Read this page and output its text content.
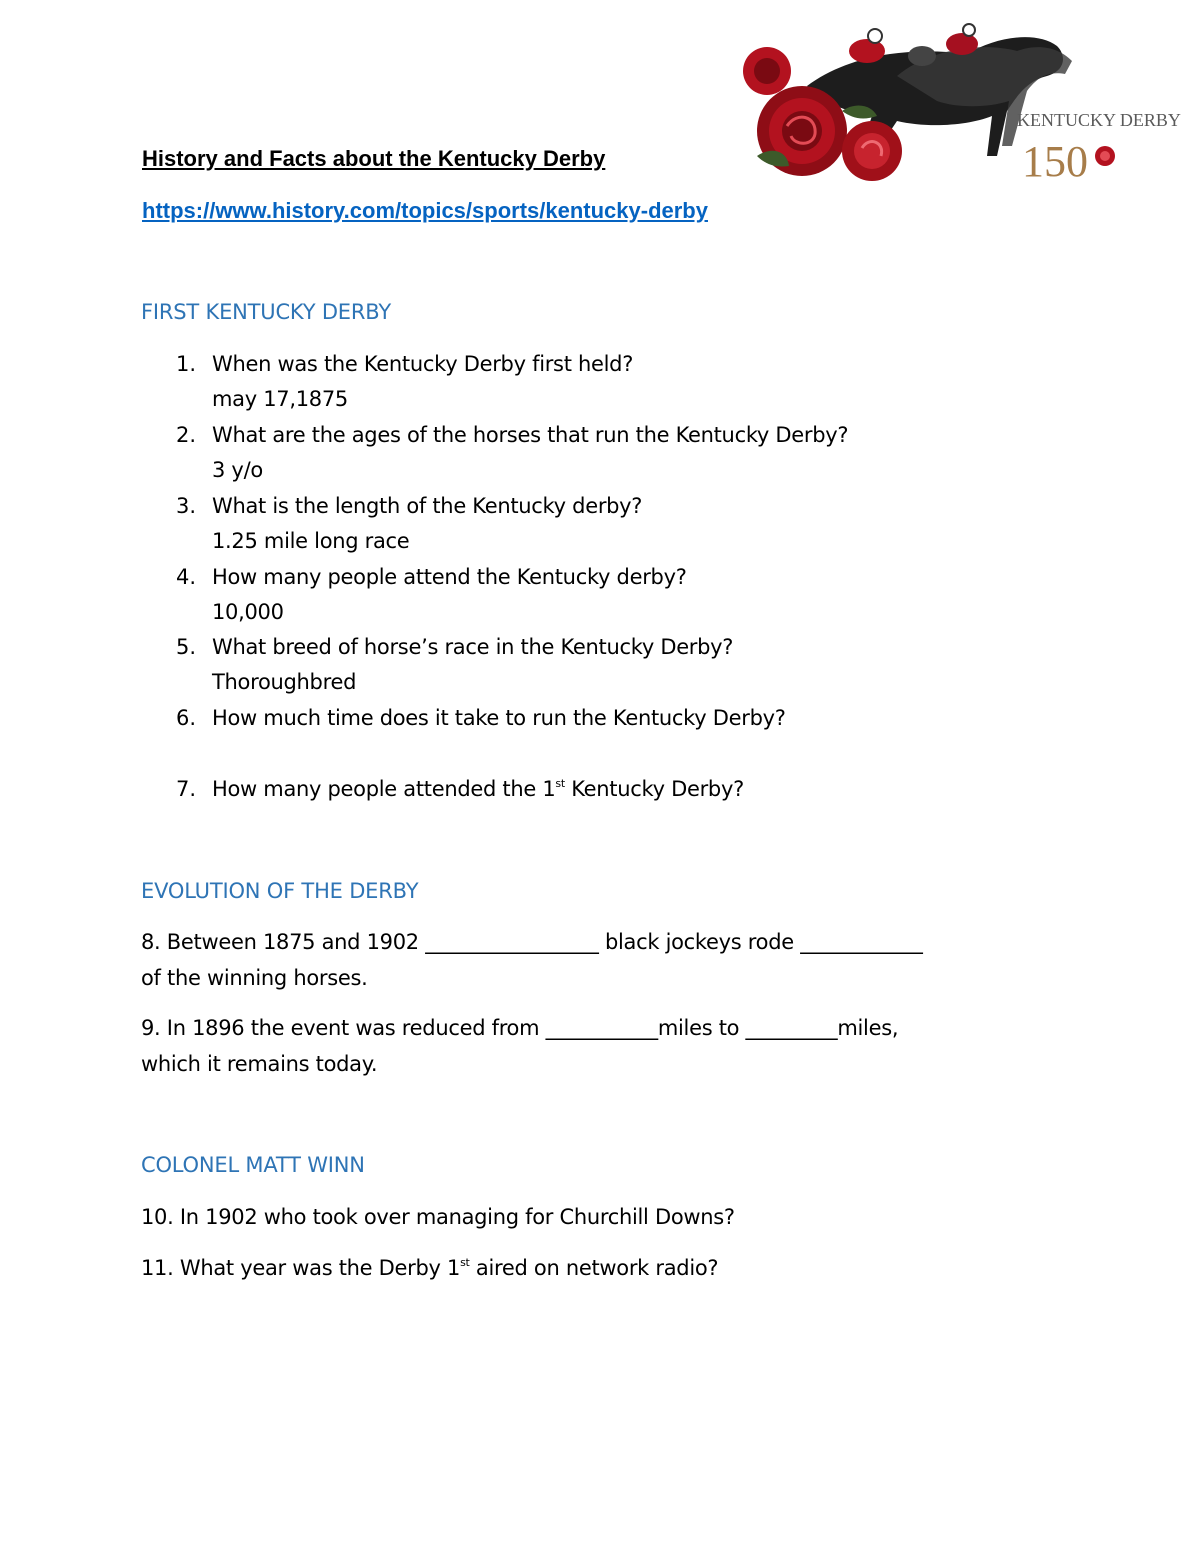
KENTUCKY DERBY
150
History and Facts about the Kentucky Derby
https://www.history.com/topics/sports/kentucky-derby
FIRST KENTUCKY DERBY
1. When was the Kentucky Derby first held?
may 17,1875
2. What are the ages of the horses that run the Kentucky Derby?
3 y/o
3. What is the length of the Kentucky derby?
1.25 mile long race
4. How many people attend the Kentucky derby?
10,000
5. What breed of horse’s race in the Kentucky Derby?
Thoroughbred
6. How much time does it take to run the Kentucky Derby?
7. How many people attended the 1st Kentucky Derby?
EVOLUTION OF THE DERBY
8. Between 1875 and 1902 _________________ black jockeys rode ____________
of the winning horses.
9. In 1896 the event was reduced from ___________miles to _________miles,
which it remains today.
COLONEL MATT WINN
10. In 1902 who took over managing for Churchill Downs?
11. What year was the Derby 1st aired on network radio?
